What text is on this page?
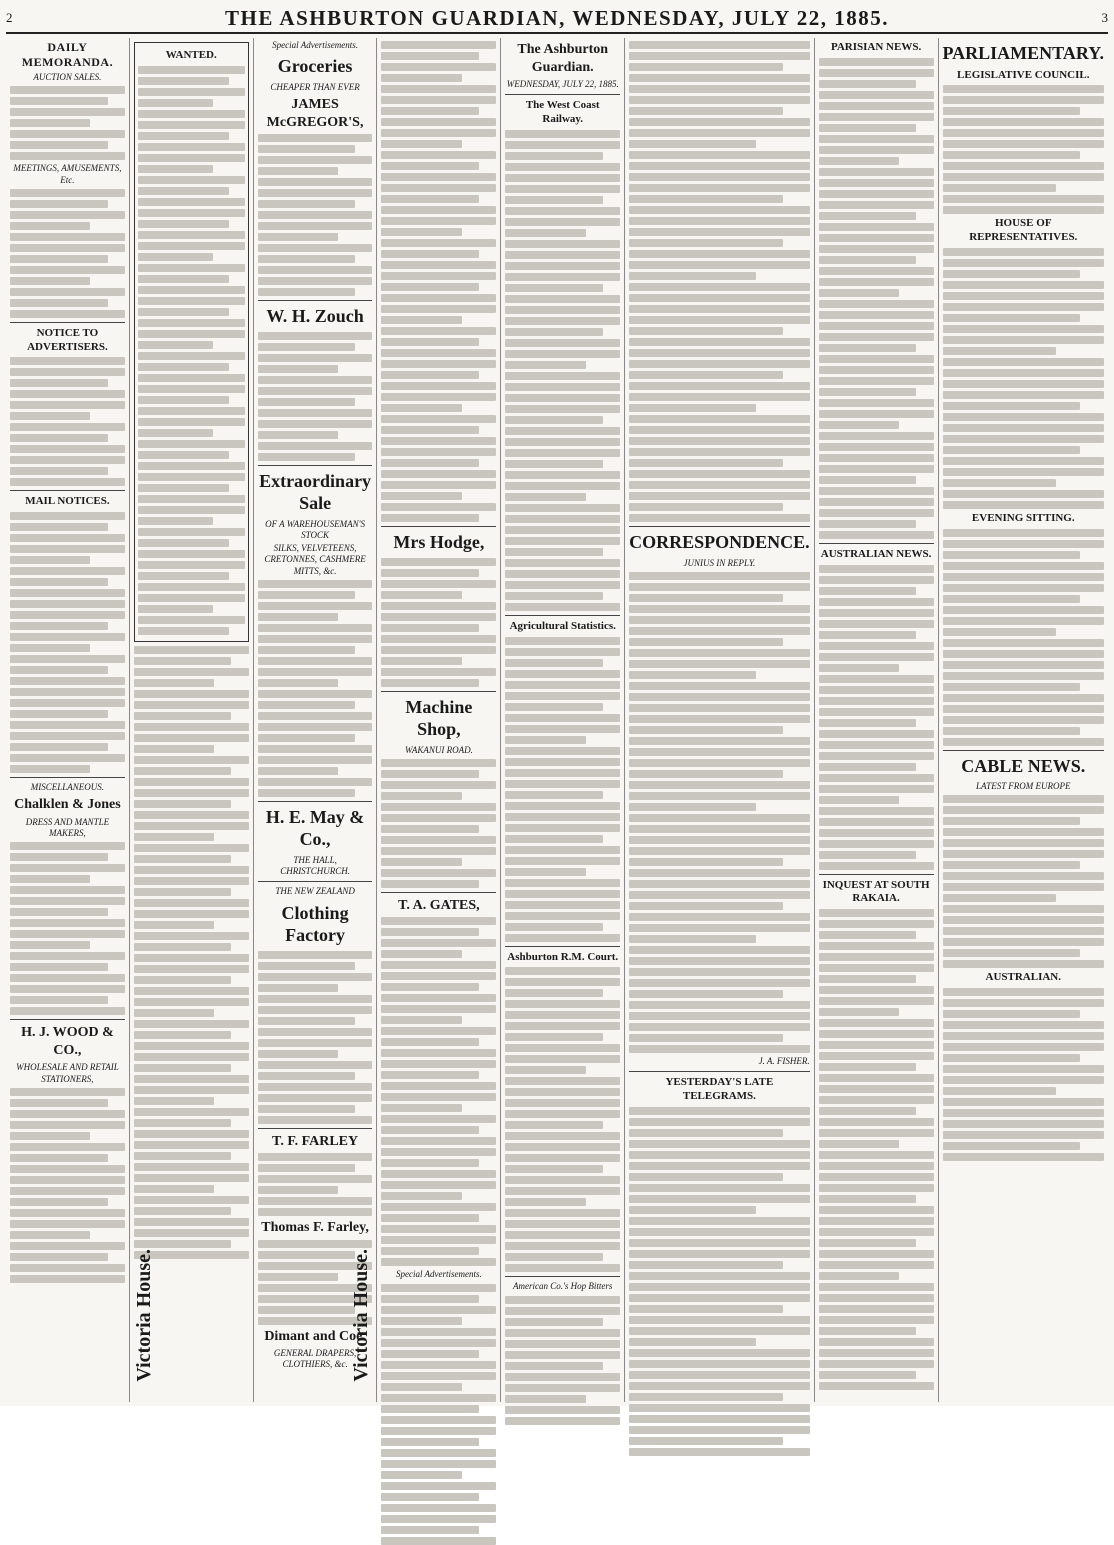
2	THE ASHBURTON GUARDIAN, WEDNESDAY, JULY 22, 1885.	3
DAILY MEMORANDA.
AUCTION SALES.
MEETINGS, AMUSEMENTS, Etc.
NOTICE TO ADVERTISERS.
MAIL NOTICES.
MISCELLANEOUS.
Chalklen & Jones
DRESS AND MANTLE MAKERS,
H. J. WOOD & CO.,
WHOLESALE AND RETAIL STATIONERS,
WANTED.
Victoria House.
Special Advertisements.
Groceries
CHEAPER THAN EVER
JAMES McGREGOR'S,
W. H. Zouch
Extraordinary Sale
OF A WAREHOUSEMAN'S STOCK
SILKS, VELVETEENS, CRETONNES, CASHMERE MITTS, &c.
H. E. May & Co.,
THE HALL, CHRISTCHURCH.
THE NEW ZEALAND
Clothing Factory
T. F. FARLEY
Thomas F. Farley,
Dimant and Coe.
GENERAL DRAPERS, CLOTHIERS, &c. Victoria House.
Mrs Hodge,
Machine Shop,
WAKANUI ROAD.
T. A. GATES,
Special Advertisements.
The Ashburton Guardian.
WEDNESDAY, JULY 22, 1885.
The West Coast Railway.
Agricultural Statistics.
Ashburton R.M. Court.
American Co.'s Hop Bitters
CORRESPONDENCE.
JUNIUS IN REPLY.
J. A. FISHER.
YESTERDAY'S LATE TELEGRAMS.
PARISIAN NEWS.
AUSTRALIAN NEWS.
INQUEST AT SOUTH RAKAIA.
PARLIAMENTARY.
LEGISLATIVE COUNCIL.
HOUSE OF REPRESENTATIVES.
EVENING SITTING.
CABLE NEWS.
LATEST FROM EUROPE
AUSTRALIAN.
